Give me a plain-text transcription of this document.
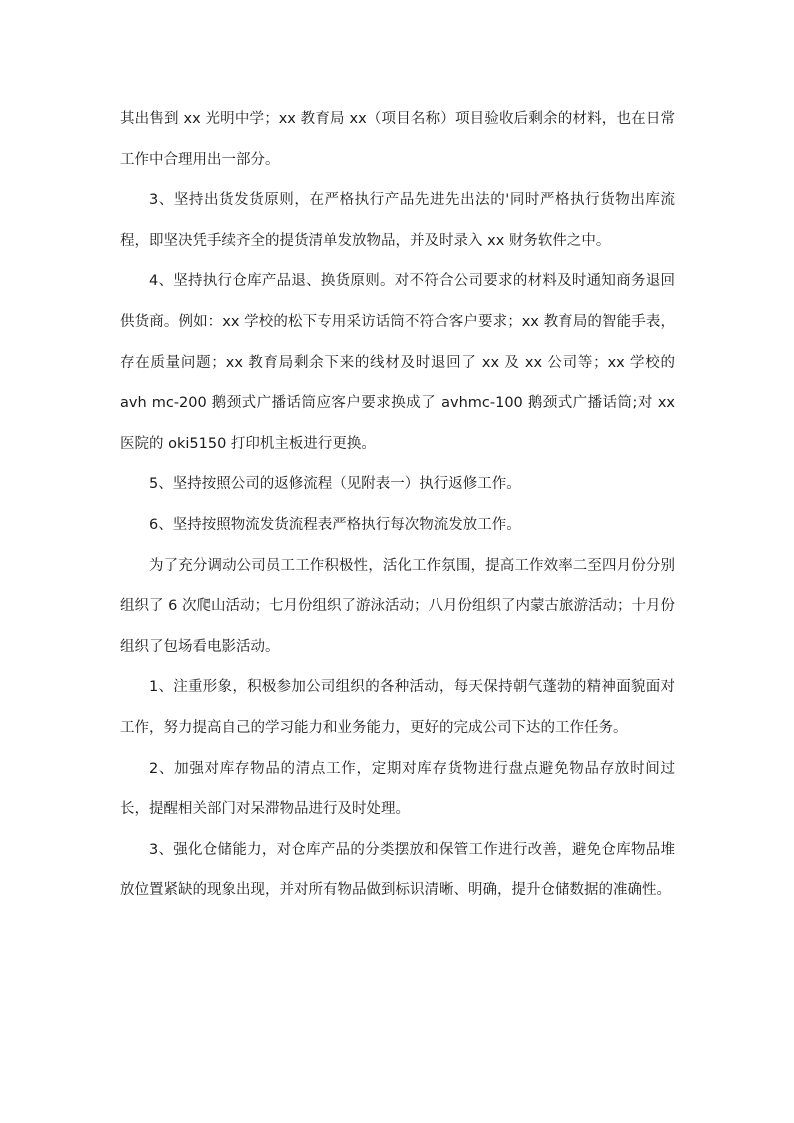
其出售到 xx 光明中学；xx 教育局 xx（项目名称）项目验收后剩余的材料，也在日常工作中合理用出一部分。

3、坚持出货发货原则，在严格执行产品先进先出法的'同时严格执行货物出库流程，即坚决凭手续齐全的提货清单发放物品，并及时录入 xx 财务软件之中。

4、坚持执行仓库产品退、换货原则。对不符合公司要求的材料及时通知商务退回供货商。例如：xx 学校的松下专用采访话筒不符合客户要求；xx 教育局的智能手表，存在质量问题；xx 教育局剩余下来的线材及时退回了 xx 及 xx 公司等；xx 学校的 avh mc-200 鹅颈式广播话筒应客户要求换成了 avhmc-100 鹅颈式广播话筒;对 xx 医院的 oki5150 打印机主板进行更换。

5、坚持按照公司的返修流程（见附表一）执行返修工作。

6、坚持按照物流发货流程表严格执行每次物流发放工作。

为了充分调动公司员工工作积极性，活化工作氛围，提高工作效率二至四月份分别组织了 6 次爬山活动；七月份组织了游泳活动；八月份组织了内蒙古旅游活动；十月份组织了包场看电影活动。

1、注重形象，积极参加公司组织的各种活动，每天保持朝气蓬勃的精神面貌面对工作，努力提高自己的学习能力和业务能力，更好的完成公司下达的工作任务。

2、加强对库存物品的清点工作，定期对库存货物进行盘点避免物品存放时间过长，提醒相关部门对呆滞物品进行及时处理。

3、强化仓储能力，对仓库产品的分类摆放和保管工作进行改善，避免仓库物品堆放位置紧缺的现象出现，并对所有物品做到标识清晰、明确，提升仓储数据的准确性。
